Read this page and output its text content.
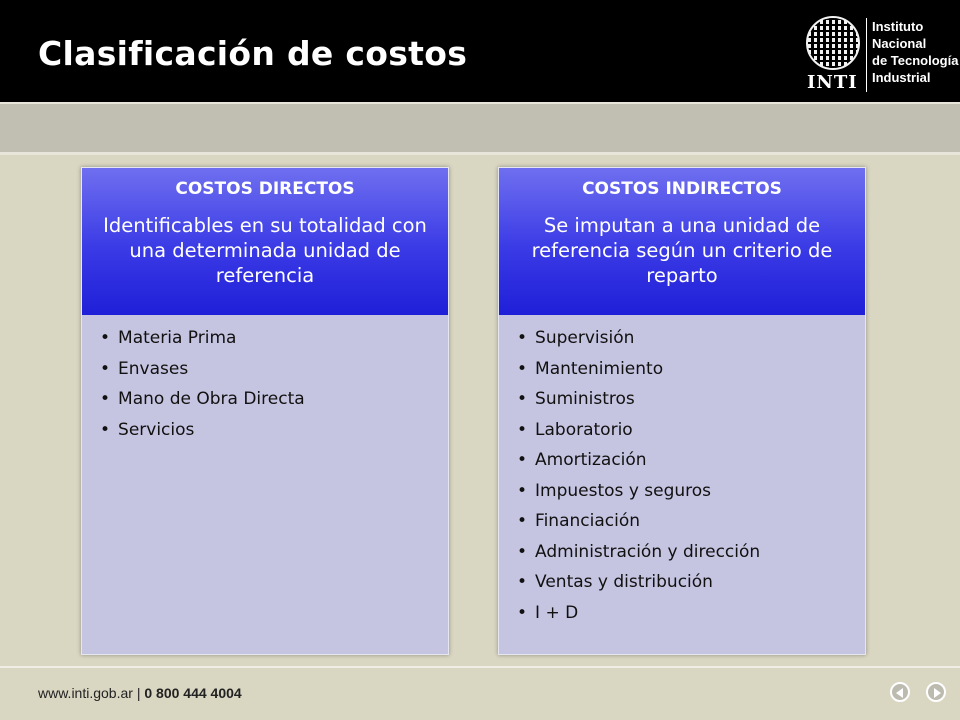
Clasificación de costos
INTI
Instituto
Nacional
de Tecnología
Industrial
COSTOS DIRECTOS
Identificables en su totalidad con una determinada unidad de referencia
• Materia Prima
• Envases
• Mano de Obra Directa
• Servicios
COSTOS INDIRECTOS
Se imputan a una unidad de referencia según un criterio de reparto
• Supervisión
• Mantenimiento
• Suministros
• Laboratorio
• Amortización
• Impuestos y seguros
• Financiación
• Administración y dirección
• Ventas y distribución
• I + D
www.inti.gob.ar | 0 800 444 4004
